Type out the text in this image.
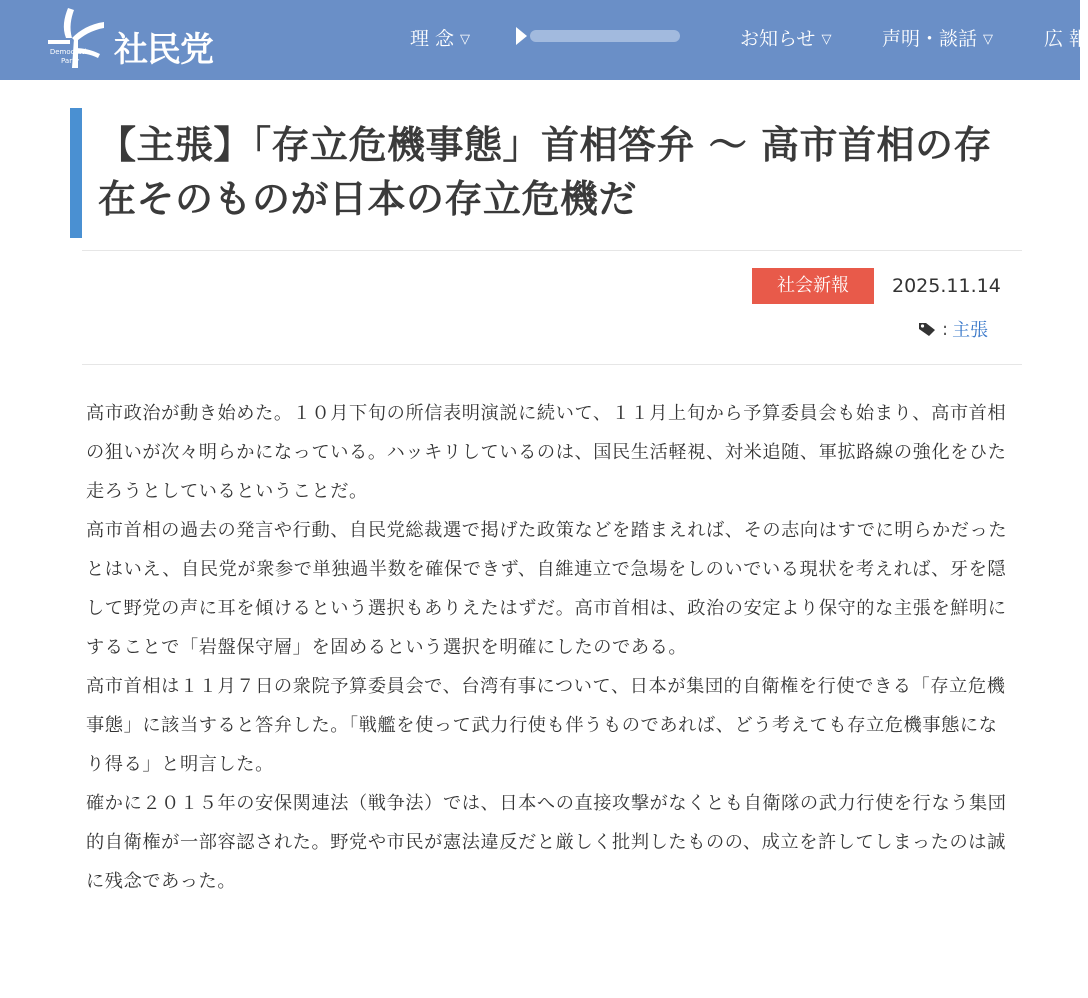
Democratic Party	社民党	理 念 ▽	お知らせ ▽	声明・談話 ▽	広 報
【主張】「存立危機事態」首相答弁 〜 高市首相の存在そのものが日本の存立危機だ
社会新報	2025.11.14
: 主張

高市政治が動き始めた。１０月下旬の所信表明演説に続いて、１１月上旬から予算委員会も始まり、高市首相の狙いが次々明らかになっている。ハッキリしているのは、国民生活軽視、対米追随、軍拡路線の強化をひた走ろうとしているということだ。

高市首相の過去の発言や行動、自民党総裁選で掲げた政策などを踏まえれば、その志向はすでに明らかだったとはいえ、自民党が衆参で単独過半数を確保できず、自維連立で急場をしのいでいる現状を考えれば、牙を隠して野党の声に耳を傾けるという選択もありえたはずだ。高市首相は、政治の安定より保守的な主張を鮮明にすることで「岩盤保守層」を固めるという選択を明確にしたのである。

高市首相は１１月７日の衆院予算委員会で、台湾有事について、日本が集団的自衛権を行使できる「存立危機事態」に該当すると答弁した。「戦艦を使って武力行使も伴うものであれば、どう考えても存立危機事態になり得る」と明言した。

確かに２０１５年の安保関連法（戦争法）では、日本への直接攻撃がなくとも自衛隊の武力行使を行なう集団的自衛権が一部容認された。野党や市民が憲法違反だと厳しく批判したものの、成立を許してしまったのは誠に残念であった。
